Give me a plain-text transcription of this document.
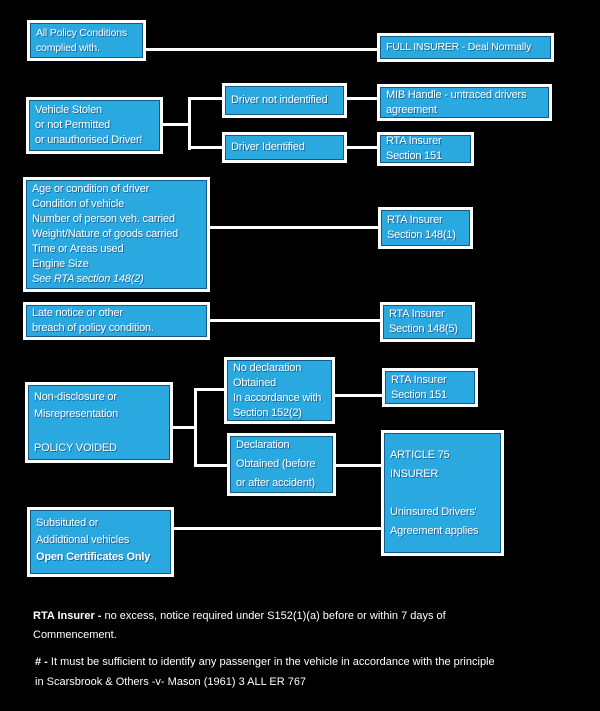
All Policy Conditions
complied with.	FULL INSURER - Deal Normally
Vehicle Stolen
or not Permitted
or unauthorised Driver!
Driver not indentified
Driver Identified
MIB Handle - untraced drivers
agreement
RTA Insurer
Section 151
Age or condition of driver
Condition of vehicle
Number of person veh. carried
Weight/Nature of goods carried
Time or Areas used
Engine Size
See RTA section 148(2)
RTA Insurer
Section 148(1)
Late notice or other
breach of policy condition.
RTA Insurer
Section 148(5)
Non-disclosure or
Misrepresentation

POLICY VOIDED
No declaration
Obtained
In accordance with
Section 152(2)
Declaration
Obtained (before
or after accident)
RTA Insurer
Section 151
ARTICLE 75
INSURER

Uninsured Drivers'
Agreement applies
Subsituted or
Addidtional vehicles
Open Certificates Only
RTA Insurer - no excess, notice required under S152(1)(a) before or within 7 days of
Commencement.
# - It must be sufficient to identify any passenger in the vehicle in accordance with the principle
in Scarsbrook & Others -v- Mason (1961) 3 ALL ER 767
